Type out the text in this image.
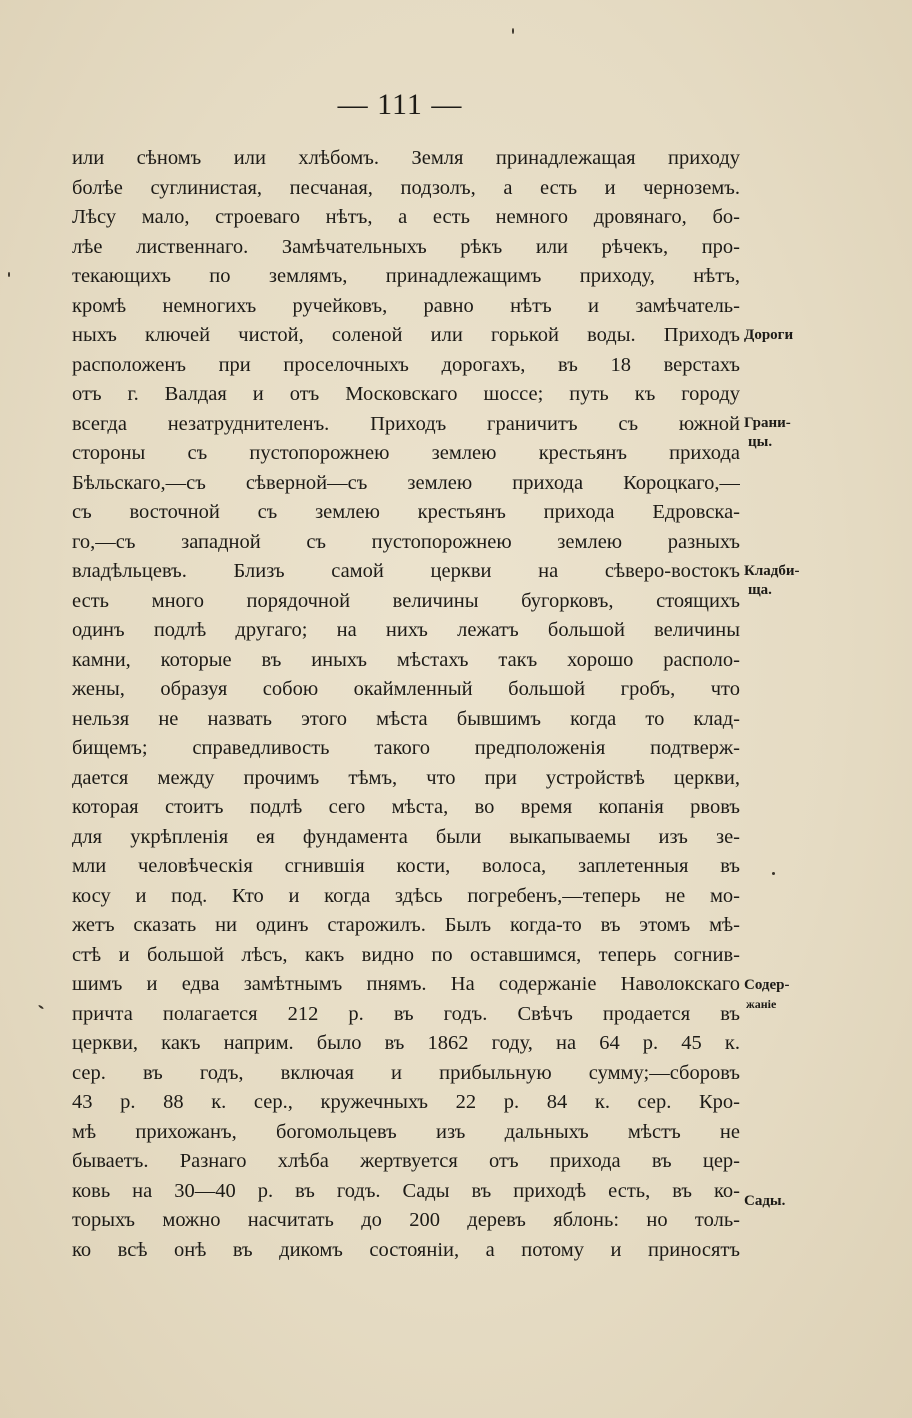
— 111 —
или сѣномъ или хлѣбомъ. Земля принадлежащая приходу
болѣе суглинистая, песчаная, подзолъ, а есть и черноземъ.
Лѣсу мало, строеваго нѣтъ, а есть немного дровянаго, бо-
лѣе лиственнаго. Замѣчательныхъ рѣкъ или рѣчекъ, про-
текающихъ по землямъ, принадлежащимъ приходу, нѣтъ,
кромѣ немногихъ ручейковъ, равно нѣтъ и замѣчатель-
ныхъ ключей чистой, соленой или горькой воды. Приходъ
расположенъ при проселочныхъ дорогахъ, въ 18 верстахъ
отъ г. Валдая и отъ Московскаго шоссе; путь къ городу
всегда незатруднителенъ. Приходъ граничитъ съ южной
стороны съ пустопорожнею землею крестьянъ прихода
Бѣльскаго,—съ сѣверной—съ землею прихода Короцкаго,—
съ восточной съ землею крестьянъ прихода Едровска-
го,—съ западной съ пустопорожнею землею разныхъ
владѣльцевъ. Близъ самой церкви на сѣверо-востокъ
есть много порядочной величины бугорковъ, стоящихъ
одинъ подлѣ другаго; на нихъ лежатъ большой величины
камни, которые въ иныхъ мѣстахъ такъ хорошо располо-
жены, образуя собою окаймленный большой гробъ, что
нельзя не назвать этого мѣста бывшимъ когда то клад-
бищемъ; справедливость такого предположенія подтверж-
дается между прочимъ тѣмъ, что при устройствѣ церкви,
которая стоитъ подлѣ сего мѣста, во время копанія рвовъ
для укрѣпленія ея фундамента были выкапываемы изъ зе-
мли человѣческія сгнившія кости, волоса, заплетенныя въ
косу и под. Кто и когда здѣсь погребенъ,—теперь не мо-
жетъ сказать ни одинъ старожилъ. Былъ когда-то въ этомъ мѣ-
стѣ и большой лѣсъ, какъ видно по оставшимся, теперь согнив-
шимъ и едва замѣтнымъ пнямъ. На содержаніе Наволокскаго
причта полагается 212 р. въ годъ. Свѣчъ продается въ
церкви, какъ наприм. было въ 1862 году, на 64 р. 45 к.
сер. въ годъ, включая и прибыльную сумму;—сборовъ
43 р. 88 к. сер., кружечныхъ 22 р. 84 к. сер. Кро-
мѣ прихожанъ, богомольцевъ изъ дальныхъ мѣстъ не
бываетъ. Разнаго хлѣба жертвуется отъ прихода въ цер-
ковь на 30—40 р. въ годъ. Сады въ приходѣ есть, въ ко-
торыхъ можно насчитать до 200 деревъ яблонь: но толь-
ко всѣ онѣ въ дикомъ состояніи, а потому и приносятъ
Дороги
Грани-
цы.
Кладби-
ща.
Содер-
жаніе
Сады.
